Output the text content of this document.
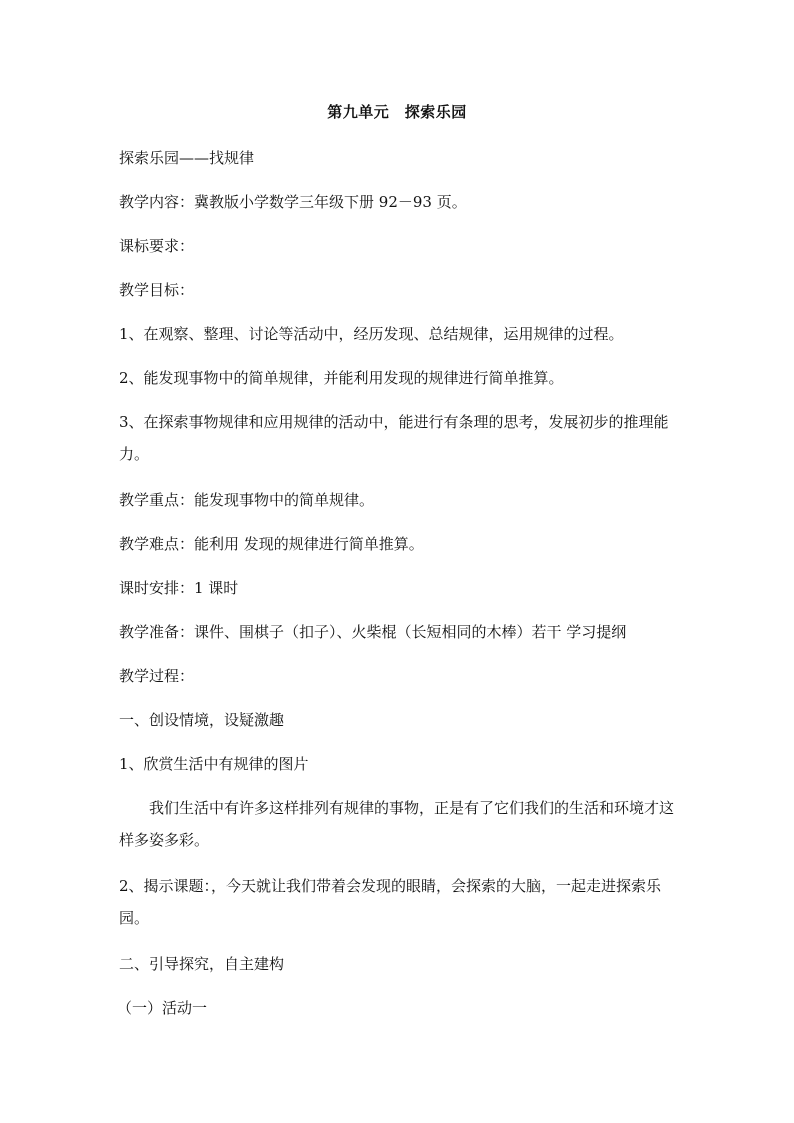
第九单元　探索乐园
探索乐园——找规律
教学内容：冀教版小学数学三年级下册 92－93 页。
课标要求：
教学目标：
1、在观察、整理、讨论等活动中，经历发现、总结规律，运用规律的过程。
2、能发现事物中的简单规律，并能利用发现的规律进行简单推算。
3、在探索事物规律和应用规律的活动中，能进行有条理的思考，发展初步的推理能力。
教学重点：能发现事物中的简单规律。
教学难点：能利用 发现的规律进行简单推算。
课时安排：1 课时
教学准备：课件、围棋子（扣子）、火柴棍（长短相同的木棒）若干 学习提纲
教学过程：
一、创设情境，设疑激趣
1、欣赏生活中有规律的图片
我们生活中有许多这样排列有规律的事物，正是有了它们我们的生活和环境才这样多姿多彩。
2、揭示课题：，今天就让我们带着会发现的眼睛，会探索的大脑，一起走进探索乐园。
二、引导探究，自主建构
（一）活动一
